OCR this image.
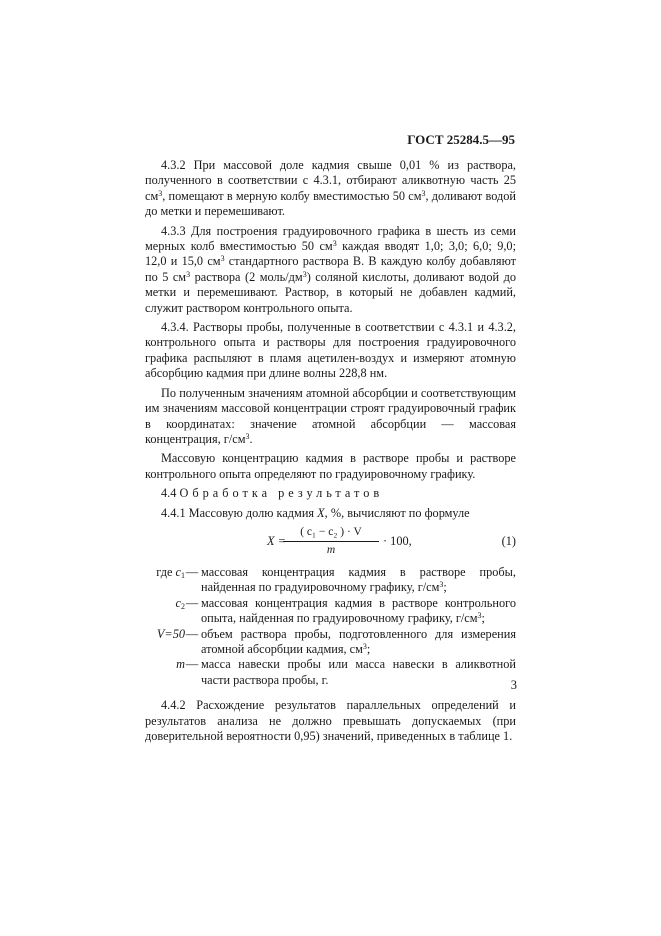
ГОСТ 25284.5—95

4.3.2 При массовой доле кадмия свыше 0,01 % из раствора, полученного в соответствии с 4.3.1, отбирают аликвотную часть 25 $см^3$, помещают в мерную колбу вместимостью 50 $см^3$, доливают водой до метки и перемешивают.

4.3.3 Для построения градуировочного графика в шесть из семи мерных колб вместимостью 50 $см^3$ каждая вводят 1,0; 3,0; 6,0; 9,0; 12,0 и 15,0 $см^3$ стандартного раствора В. В каждую колбу добавляют по 5 $см^3$ раствора (2 моль/$дм^3$) соляной кислоты, доливают водой до метки и перемешивают. Раствор, в который не добавлен кадмий, служит раствором контрольного опыта.

4.3.4. Растворы пробы, полученные в соответствии с 4.3.1 и 4.3.2, контрольного опыта и растворы для построения градуировочного графика распыляют в пламя ацетилен-воздух и измеряют атомную абсорбцию кадмия при длине волны 228,8 нм.

По полученным значениям атомной абсорбции и соответствующим им значениям массовой концентрации строят градуировочный график в координатах: значение атомной абсорбции — массовая концентрация, $г/см^3$.

Массовую концентрацию кадмия в растворе пробы и растворе контрольного опыта определяют по градуировочному графику.

4.4 Обработка результатов

4.4.1 Массовую долю кадмия X, %, вычисляют по формуле

X =
$\frac{\text{( c₁ − c₂ ) · V}}{m} \cdot 100$,	(1)
где $c_1$ — массовая концентрация кадмия в растворе пробы, найденная по градуировочному графику, $г/см^3$;
$c_2$ — массовая концентрация кадмия в растворе контрольного опыта, найденная по градуировочному графику, $г/см^3$;
V=50 — объем раствора пробы, подготовленного для измерения атомной абсорбции кадмия, $см^3$;
m — масса навески пробы или масса навески в аликвотной части раствора пробы, г.

4.4.2 Расхождение результатов параллельных определений и результатов анализа не должно превышать допускаемых (при доверительной вероятности 0,95) значений, приведенных в таблице 1.

3
